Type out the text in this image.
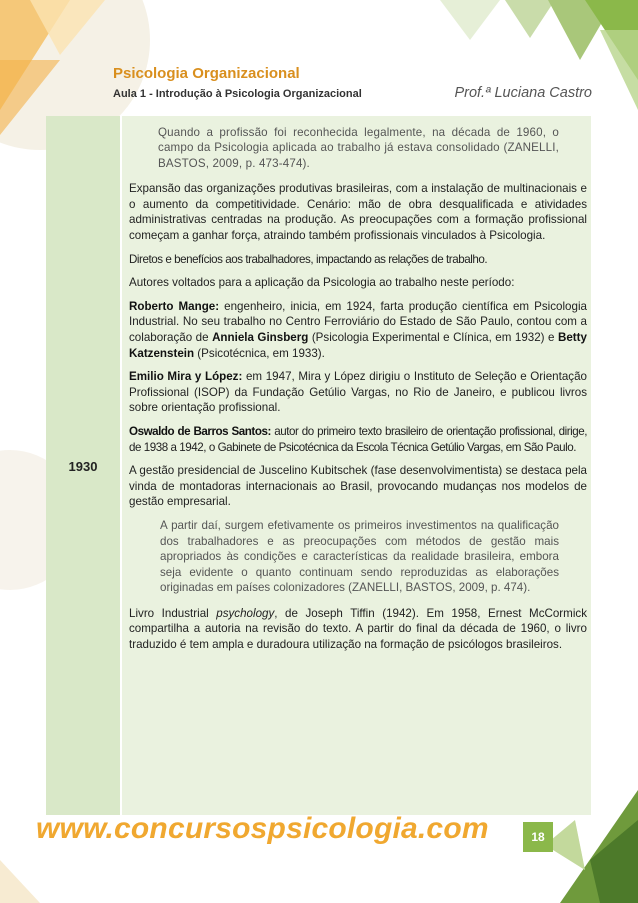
Psicologia Organizacional
Aula 1 - Introdução à Psicologia Organizacional	Prof.ª Luciana Castro
1930

Quando a profissão foi reconhecida legalmente, na década de 1960, o campo da Psicologia aplicada ao trabalho já estava consolidado (ZANELLI, BASTOS, 2009, p. 473-474).

Expansão das organizações produtivas brasileiras, com a instalação de multinacionais e o aumento da competitividade. Cenário: mão de obra desqualificada e atividades administrativas centradas na produção. As preocupações com a formação profissional começam a ganhar força, atraindo também profissionais vinculados à Psicologia.

Diretos e benefícios aos trabalhadores, impactando as relações de trabalho.

Autores voltados para a aplicação da Psicologia ao trabalho neste período:

Roberto Mange: engenheiro, inicia, em 1924, farta produção científica em Psicologia Industrial. No seu trabalho no Centro Ferroviário do Estado de São Paulo, contou com a colaboração de Anniela Ginsberg (Psicologia Experimental e Clínica, em 1932) e Betty Katzenstein (Psicotécnica, em 1933).

Emilio Mira y López: em 1947, Mira y López dirigiu o Instituto de Seleção e Orientação Profissional (ISOP) da Fundação Getúlio Vargas, no Rio de Janeiro, e publicou livros sobre orientação profissional.

Oswaldo de Barros Santos: autor do primeiro texto brasileiro de orientação profissional, dirige, de 1938 a 1942, o Gabinete de Psicotécnica da Escola Técnica Getúlio Vargas, em São Paulo.

A gestão presidencial de Juscelino Kubitschek (fase desenvolvimentista) se destaca pela vinda de montadoras internacionais ao Brasil, provocando mudanças nos modelos de gestão empresarial.

A partir daí, surgem efetivamente os primeiros investimentos na qualificação dos trabalhadores e as preocupações com métodos de gestão mais apropriados às condições e características da realidade brasileira, embora seja evidente o quanto continuam sendo reproduzidas as elaborações originadas em países colonizadores (ZANELLI, BASTOS, 2009, p. 474).

Livro Industrial psychology, de Joseph Tiffin (1942). Em 1958, Ernest McCormick compartilha a autoria na revisão do texto. A partir do final da década de 1960, o livro traduzido é tem ampla e duradoura utilização na formação de psicólogos brasileiros.

www.concursospsicologia.com	18
